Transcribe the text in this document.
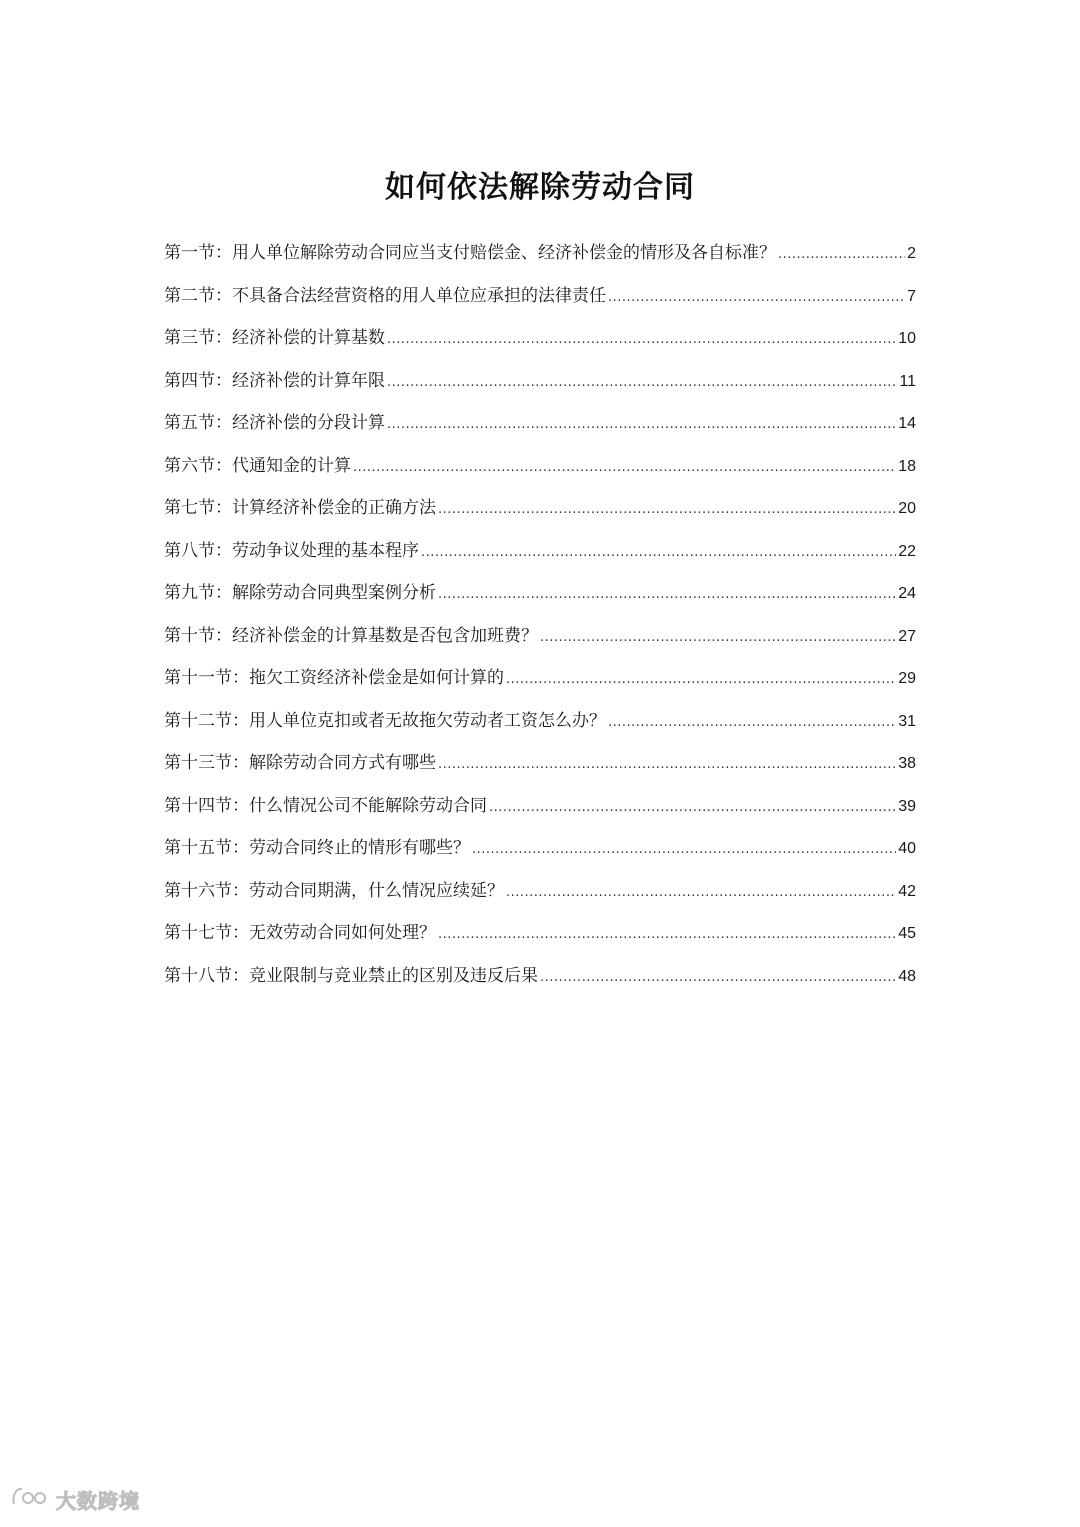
如何依法解除劳动合同
第一节：用人单位解除劳动合同应当支付赔偿金、经济补偿金的情形及各自标准？ .....	2
第二节：不具备合法经营资格的用人单位应承担的法律责任 .....	7
第三节：经济补偿的计算基数 .....	10
第四节：经济补偿的计算年限 .....	11
第五节：经济补偿的分段计算 .....	14
第六节：代通知金的计算 .....	18
第七节：计算经济补偿金的正确方法 .....	20
第八节：劳动争议处理的基本程序 .....	22
第九节：解除劳动合同典型案例分析 .....	24
第十节：经济补偿金的计算基数是否包含加班费？ .....	27
第十一节：拖欠工资经济补偿金是如何计算的 .....	29
第十二节：用人单位克扣或者无故拖欠劳动者工资怎么办？ .....	31
第十三节：解除劳动合同方式有哪些 .....	38
第十四节：什么情况公司不能解除劳动合同 .....	39
第十五节：劳动合同终止的情形有哪些？ .....	40
第十六节：劳动合同期满，什么情况应续延？ .....	42
第十七节：无效劳动合同如何处理？ .....	45
第十八节：竞业限制与竞业禁止的区别及违反后果 .....	48
大数跨境
